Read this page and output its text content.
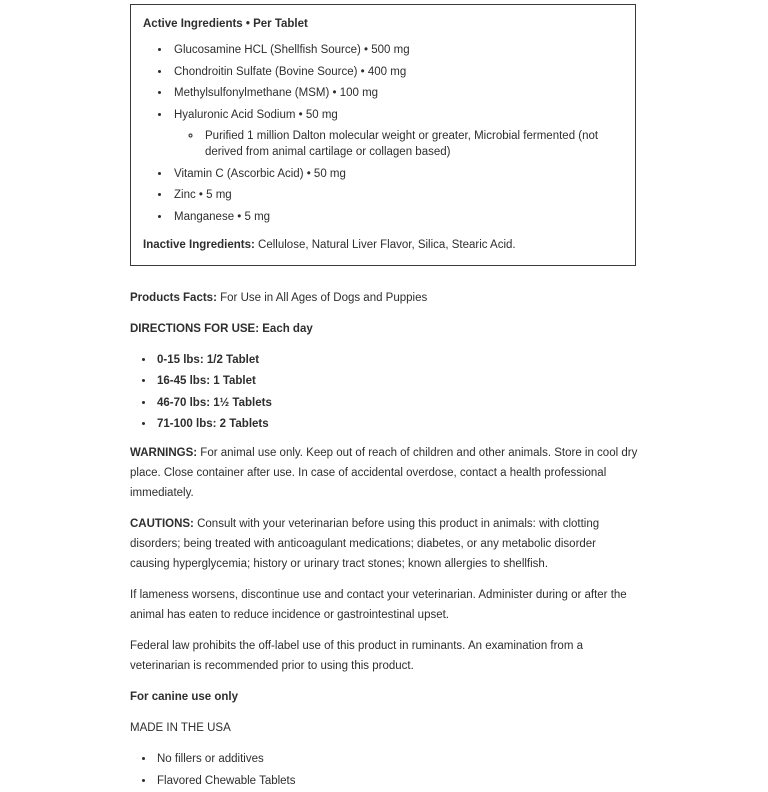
Active Ingredients • Per Tablet

• Glucosamine HCL (Shellfish Source) • 500 mg
• Chondroitin Sulfate (Bovine Source) • 400 mg
• Methylsulfonylmethane (MSM) • 100 mg
• Hyaluronic Acid Sodium • 50 mg
◦ Purified 1 million Dalton molecular weight or greater, Microbial fermented (not derived from animal cartilage or collagen based)
• Vitamin C (Ascorbic Acid) • 50 mg
• Zinc • 5 mg
• Manganese • 5 mg

Inactive Ingredients: Cellulose, Natural Liver Flavor, Silica, Stearic Acid.

Products Facts: For Use in All Ages of Dogs and Puppies

DIRECTIONS FOR USE: Each day

• 0-15 lbs: 1/2 Tablet
• 16-45 lbs: 1 Tablet
• 46-70 lbs: 1½ Tablets
• 71-100 lbs: 2 Tablets

WARNINGS: For animal use only. Keep out of reach of children and other animals. Store in cool dry place. Close container after use. In case of accidental overdose, contact a health professional immediately.

CAUTIONS: Consult with your veterinarian before using this product in animals: with clotting disorders; being treated with anticoagulant medications; diabetes, or any metabolic disorder causing hyperglycemia; history or urinary tract stones; known allergies to shellfish.

If lameness worsens, discontinue use and contact your veterinarian. Administer during or after the animal has eaten to reduce incidence or gastrointestinal upset.

Federal law prohibits the off-label use of this product in ruminants. An examination from a veterinarian is recommended prior to using this product.

For canine use only

MADE IN THE USA

• No fillers or additives
• Flavored Chewable Tablets
